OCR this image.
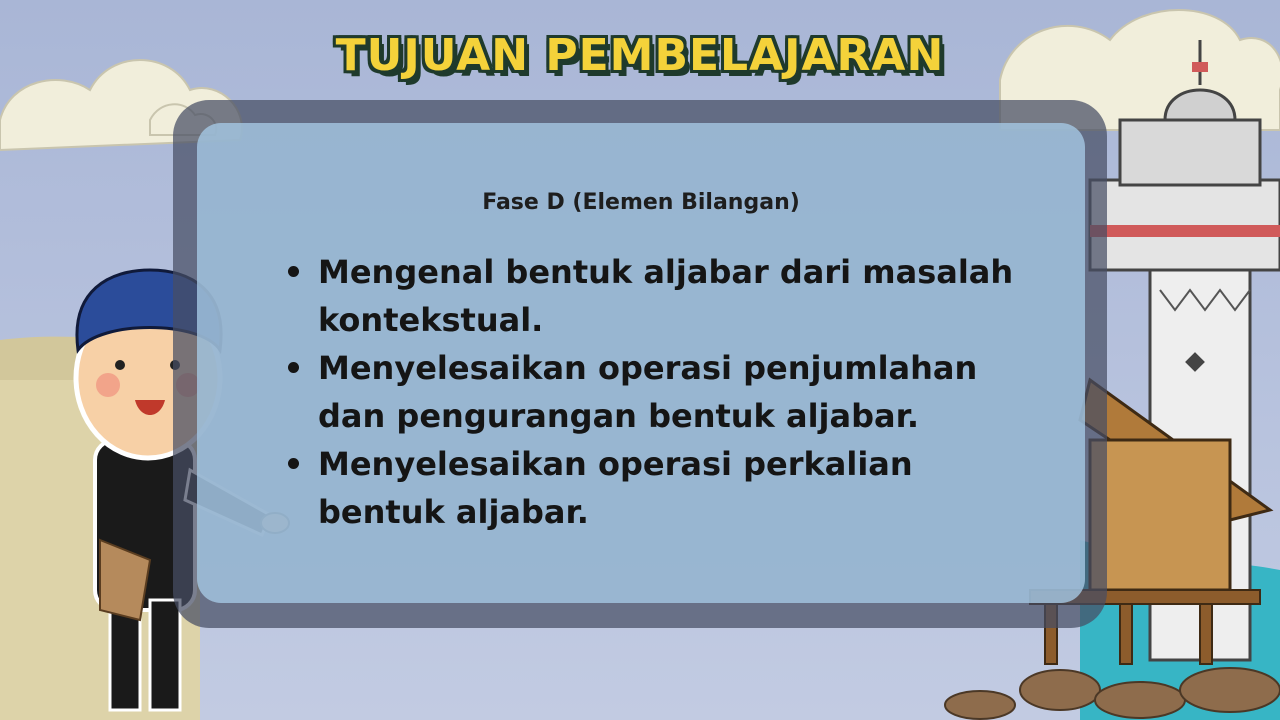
TUJUAN PEMBELAJARAN
Fase D (Elemen Bilangan)
Mengenal bentuk aljabar dari masalah kontekstual.
Menyelesaikan operasi penjumlahan dan pengurangan bentuk aljabar.
Menyelesaikan operasi perkalian bentuk aljabar.
